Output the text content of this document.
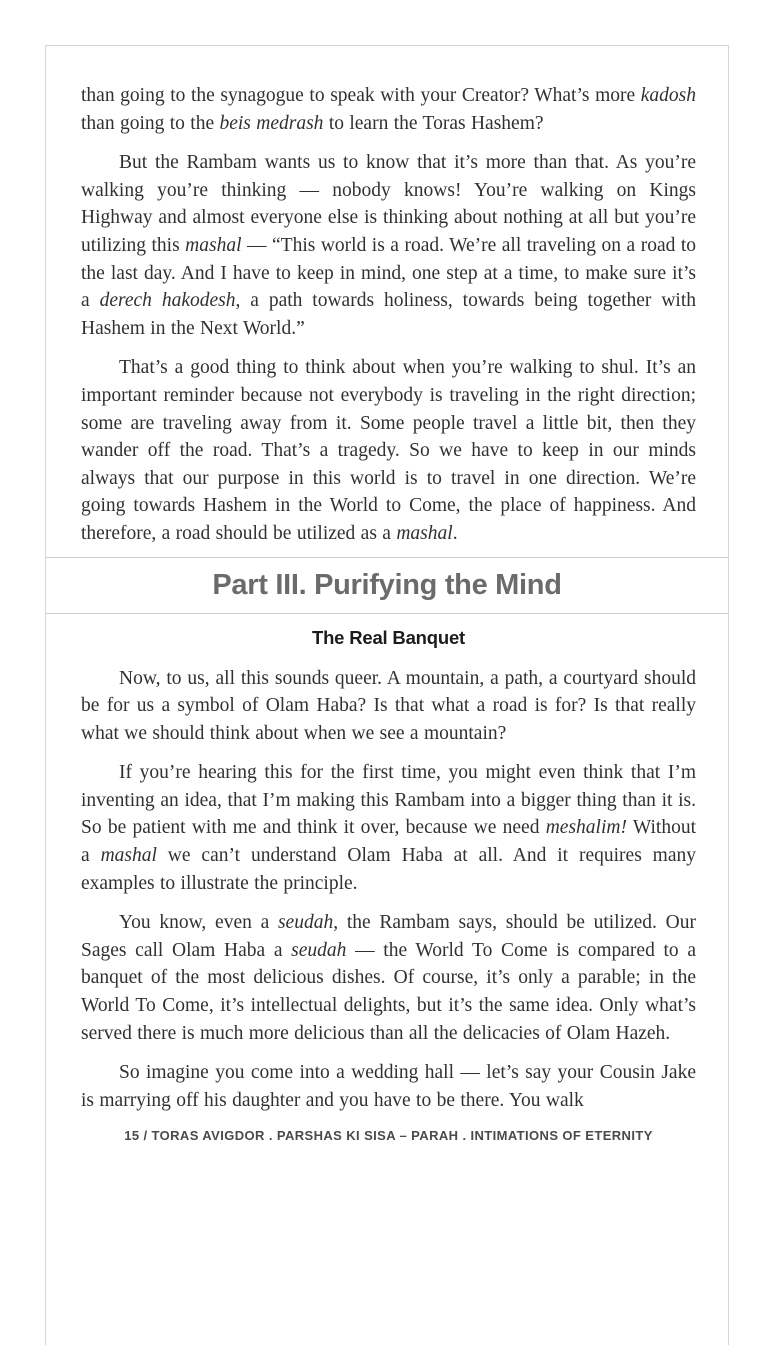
than going to the synagogue to speak with your Creator? What’s more kadosh than going to the beis medrash to learn the Toras Hashem?

But the Rambam wants us to know that it’s more than that. As you’re walking you’re thinking — nobody knows! You’re walking on Kings Highway and almost everyone else is thinking about nothing at all but you’re utilizing this mashal — “This world is a road. We’re all traveling on a road to the last day. And I have to keep in mind, one step at a time, to make sure it’s a derech hakodesh, a path towards holiness, towards being together with Hashem in the Next World.”

That’s a good thing to think about when you’re walking to shul. It’s an important reminder because not everybody is traveling in the right direction; some are traveling away from it. Some people travel a little bit, then they wander off the road. That’s a tragedy. So we have to keep in our minds always that our purpose in this world is to travel in one direction. We’re going towards Hashem in the World to Come, the place of happiness. And therefore, a road should be utilized as a mashal.

Part III. Purifying the Mind
The Real Banquet

Now, to us, all this sounds queer. A mountain, a path, a courtyard should be for us a symbol of Olam Haba? Is that what a road is for? Is that really what we should think about when we see a mountain?

If you’re hearing this for the first time, you might even think that I’m inventing an idea, that I’m making this Rambam into a bigger thing than it is. So be patient with me and think it over, because we need meshalim! Without a mashal we can’t understand Olam Haba at all. And it requires many examples to illustrate the principle.

You know, even a seudah, the Rambam says, should be utilized. Our Sages call Olam Haba a seudah — the World To Come is compared to a banquet of the most delicious dishes. Of course, it’s only a parable; in the World To Come, it’s intellectual delights, but it’s the same idea. Only what’s served there is much more delicious than all the delicacies of Olam Hazeh.

So imagine you come into a wedding hall — let’s say your Cousin Jake is marrying off his daughter and you have to be there. You walk

15 / TORAS AVIGDOR . PARSHAS KI SISA – PARAH . INTIMATIONS OF ETERNITY
